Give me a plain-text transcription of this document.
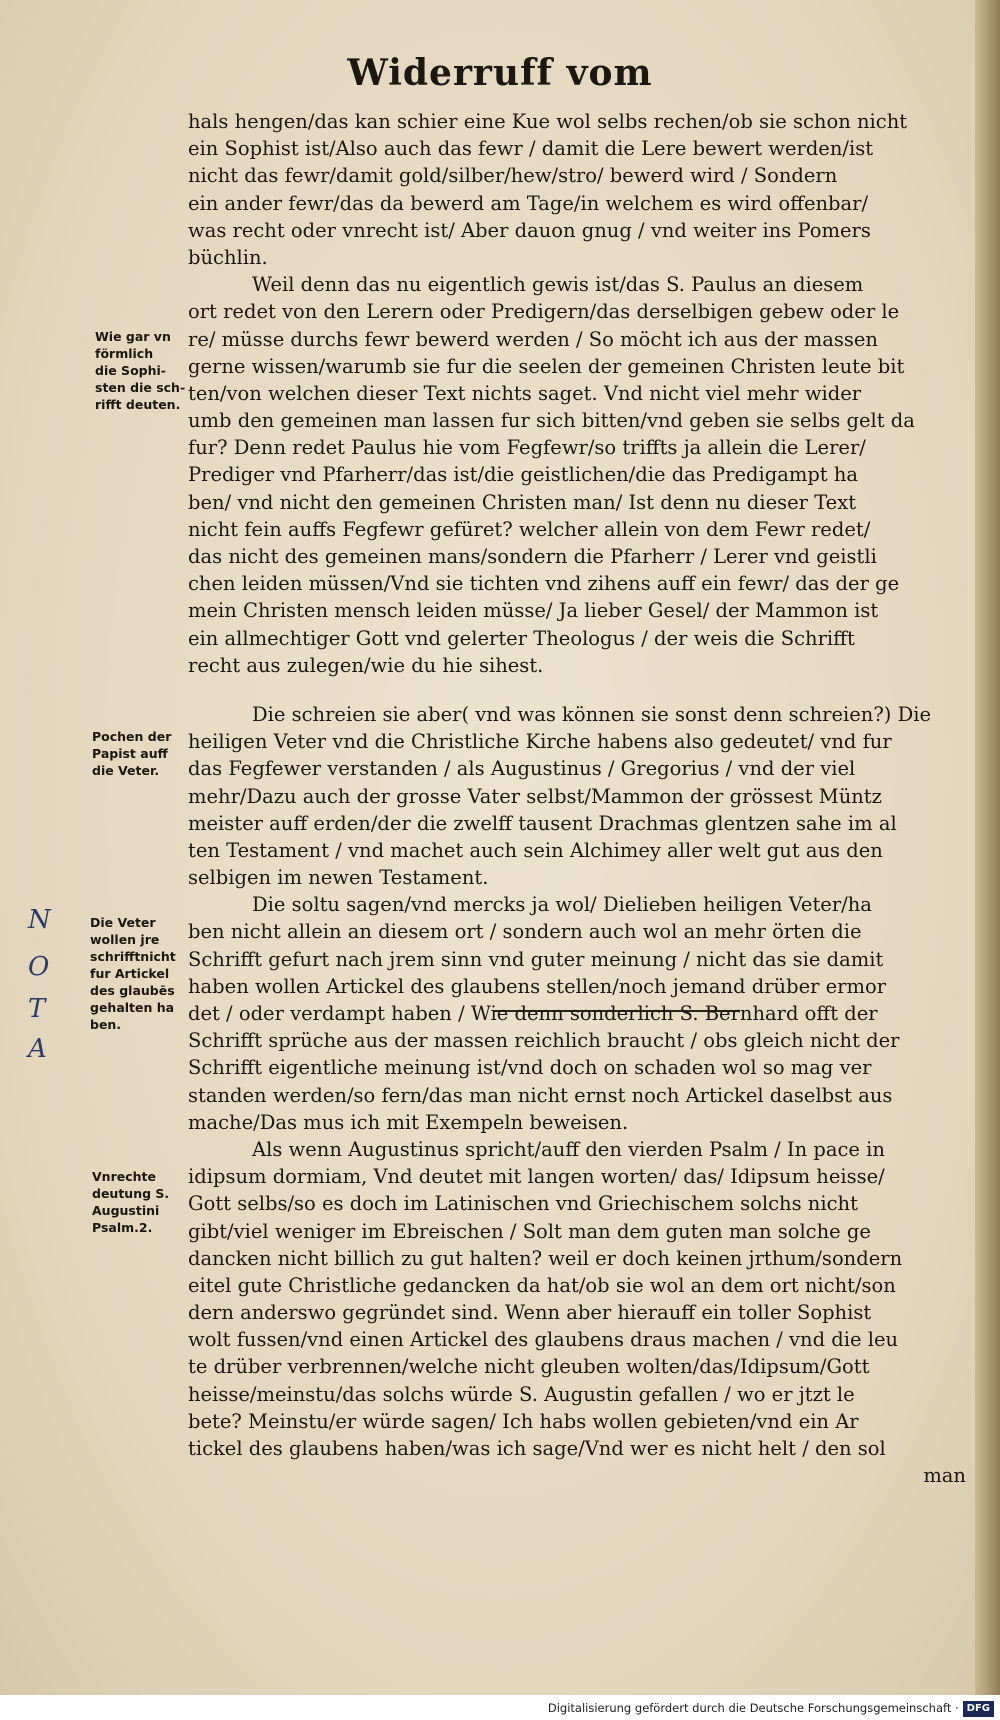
Widerruff vom
N
O
T
A
Wie gar vn
förmlich
die Sophi-
sten die sch-
rifft deuten.
Pochen der
Papist auff
die Veter.
Die Veter
wollen jre
schrifftnicht
fur Artickel
des glaubēs
gehalten ha
ben.
Vnrechte
deutung S.
Augustini
Psalm.2.
hals hengen/das kan schier eine Kue wol selbs rechen/ob sie schon nicht
ein Sophist ist/Also auch das fewr / damit die Lere bewert werden/ist
nicht das fewr/damit gold/silber/hew/stro/ bewerd wird / Sondern
ein ander fewr/das da bewerd am Tage/in welchem es wird offenbar/
was recht oder vnrecht ist/ Aber dauon gnug / vnd weiter ins Pomers
büchlin.
Weil denn das nu eigentlich gewis ist/das S. Paulus an diesem
ort redet von den Lerern oder Predigern/das derselbigen gebew oder le
re/ müsse durchs fewr bewerd werden / So möcht ich aus der massen
gerne wissen/warumb sie fur die seelen der gemeinen Christen leute bit
ten/von welchen dieser Text nichts saget. Vnd nicht viel mehr wider
umb den gemeinen man lassen fur sich bitten/vnd geben sie selbs gelt da
fur? Denn redet Paulus hie vom Fegfewr/so triffts ja allein die Lerer/
Prediger vnd Pfarherr/das ist/die geistlichen/die das Predigampt ha
ben/ vnd nicht den gemeinen Christen man/ Ist denn nu dieser Text
nicht fein auffs Fegfewr gefüret? welcher allein von dem Fewr redet/
das nicht des gemeinen mans/sondern die Pfarherr / Lerer vnd geistli
chen leiden müssen/Vnd sie tichten vnd zihens auff ein fewr/ das der ge
mein Christen mensch leiden müsse/ Ja lieber Gesel/ der Mammon ist
ein allmechtiger Gott vnd gelerter Theologus / der weis die Schrifft
recht aus zulegen/wie du hie sihest.
Die schreien sie aber( vnd was können sie sonst denn schreien?) Die
heiligen Veter vnd die Christliche Kirche habens also gedeutet/ vnd fur
das Fegfewer verstanden / als Augustinus / Gregorius / vnd der viel
mehr/Dazu auch der grosse Vater selbst/Mammon der grössest Müntz
meister auff erden/der die zwelff tausent Drachmas glentzen sahe im al
ten Testament / vnd machet auch sein Alchimey aller welt gut aus den
selbigen im newen Testament.
Die soltu sagen/vnd mercks ja wol/ Dielieben heiligen Veter/ha
ben nicht allein an diesem ort / sondern auch wol an mehr örten die
Schrifft gefurt nach jrem sinn vnd guter meinung / nicht das sie damit
haben wollen Artickel des glaubens stellen/noch jemand drüber ermor
det / oder verdampt haben / Wie denn sonderlich S. Bernhard offt der
Schrifft sprüche aus der massen reichlich braucht / obs gleich nicht der
Schrifft eigentliche meinung ist/vnd doch on schaden wol so mag ver
standen werden/so fern/das man nicht ernst noch Artickel daselbst aus
mache/Das mus ich mit Exempeln beweisen.
Als wenn Augustinus spricht/auff den vierden Psalm / In pace in
idipsum dormiam, Vnd deutet mit langen worten/ das/ Idipsum heisse/
Gott selbs/so es doch im Latinischen vnd Griechischem solchs nicht
gibt/viel weniger im Ebreischen / Solt man dem guten man solche ge
dancken nicht billich zu gut halten? weil er doch keinen jrthum/sondern
eitel gute Christliche gedancken da hat/ob sie wol an dem ort nicht/son
dern anderswo gegründet sind. Wenn aber hierauff ein toller Sophist
wolt fussen/vnd einen Artickel des glaubens draus machen / vnd die leu
te drüber verbrennen/welche nicht gleuben wolten/das/Idipsum/Gott
heisse/meinstu/das solchs würde S. Augustin gefallen / wo er jtzt le
bete? Meinstu/er würde sagen/ Ich habs wollen gebieten/vnd ein Ar
tickel des glaubens haben/was ich sage/Vnd wer es nicht helt / den sol
man
Digitalisierung gefördert durch die Deutsche Forschungsgemeinschaft · DFG
